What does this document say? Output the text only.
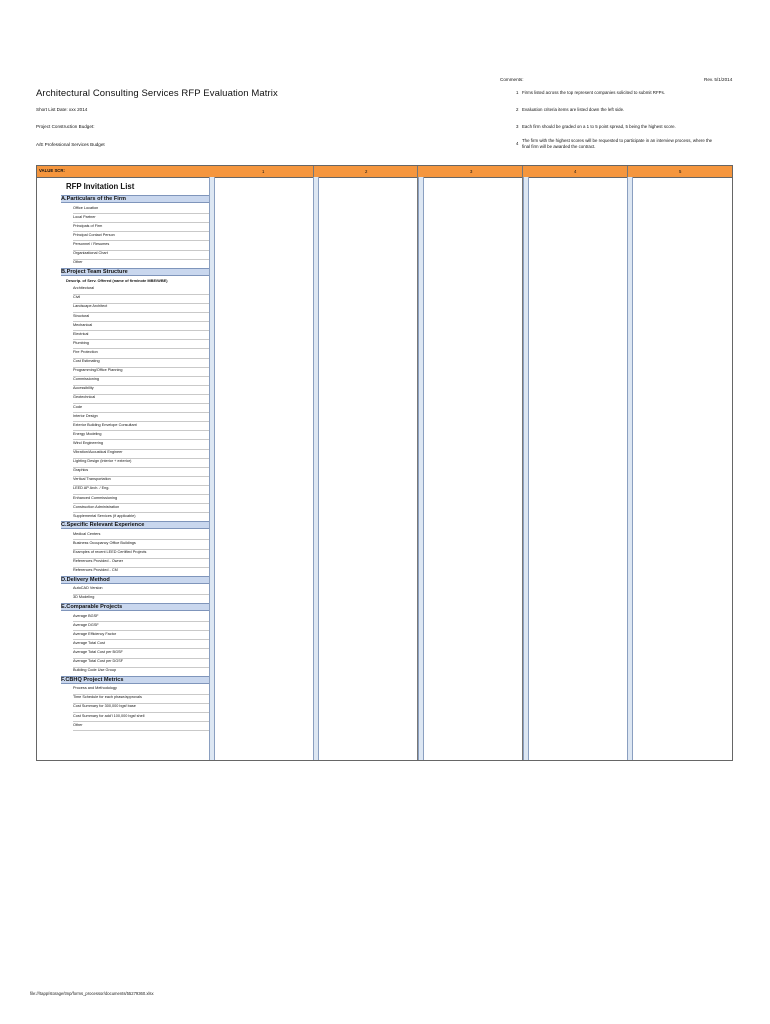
Architectural Consulting Services RFP Evaluation Matrix
Short List Date: xxx 2014
Project Construction Budget:
A/E Professional Services Budget
Comments:	Rev. 5/1/2014
1 Firms listed across the top represent companies solicited to submit RFPs.
2 Evaluation criteria items are listed down the left side.
3 Each firm should be graded on a 1 to 5 point spread, 5 being the highest score.
4
The firm with the highest scores will be requested to participate in an interview process, where the final firm will be awarded the contract.
VALUE SCR:	1	2	3	4	5
RFP Invitation List
A.Particulars of the Firm
Office Location
Local Partner
Principals of Firm
Principal Contact Person
Personnel / Resumes
Organizational Chart
Other
B.Project Team Structure
Descrip. of Serv. Offered (name of firm/note MBE/WBE)
Architectural
Civil
Landscape Architect
Structural
Mechanical
Electrical
Plumbing
Fire Protection
Cost Estimating
Programming/Office Planning
Commissioning
Accessibility
Geotechnical
Code
Interior Design
Exterior Building Envelope Consultant
Energy Modeling
Wind Engineering
Vibration/Acoustical Engineer
Lighting Design (interior + exterior)
Graphics
Vertical Transportation
LEED AP Arch. / Eng.
Enhanced Commissioning
Construction Administration
Supplemental Services (if applicable)
C.Specific Relevant Experience
Medical Centers
Business Occupancy Office Buildings
Examples of recent LEED Certified Projects
References Provided - Owner
References Provided - CM
D.Delivery Method
AutoCAD Version
3D Modeling
E.Comparable Projects
Average BGSF
Average DGSF
Average Efficiency Factor
Average Total Cost
Average Total Cost per BGSF
Average Total Cost per DGSF
Building Code Use Group
F.CBHQ Project Metrics
Process and Methodology
Time Schedule for each phase/approvals
Cost Summary for 300,000 bgsf base
Cost Summary for add'l 100,000 bgsf shell
Other
file:///tapp/storage/tmp/forms_processor/documents/55279360.xlsx
